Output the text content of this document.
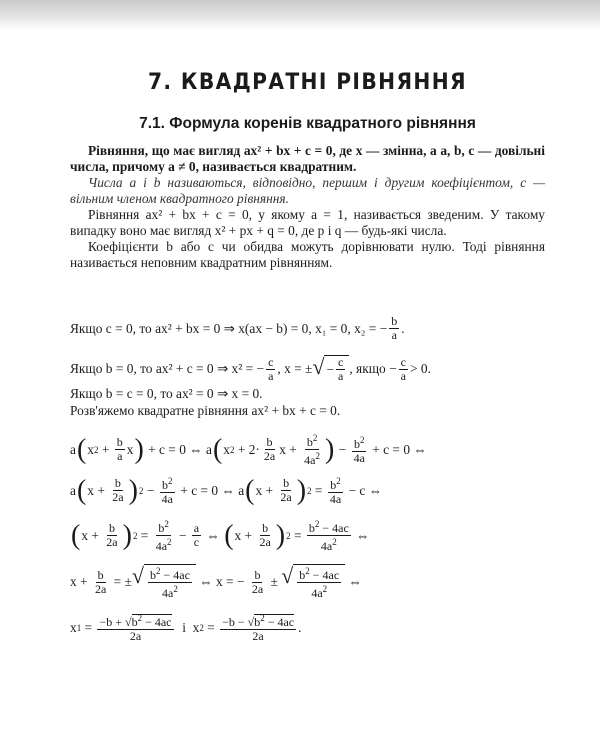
7. КВАДРАТНІ РІВНЯННЯ
7.1. Формула коренів квадратного рівняння

Рівняння, що має вигляд ax² + bx + c = 0, де x — змінна, а a, b, c — довільні числа, причому a ≠ 0, називається квадратним.

Числа a і b називаються, відповідно, першим і другим коефіцієнтом, c — вільним членом квадратного рівняння.

Рівняння ax² + bx + c = 0, у якому a = 1, називається зведеним. У такому випадку воно має вигляд x² + px + q = 0, де p і q — будь-які числа.

Коефіцієнти b або c чи обидва можуть дорівнювати нулю. Тоді рівняння називається неповним квадратним рівнянням.

Якщо c = 0, то ax² + bx = 0 ⇒ x(ax − b) = 0, x₁ = 0, x₂ = − $\frac{b}{a}$ .
Якщо b = 0, то ax² + c = 0 ⇒ x² = − $\frac{c}{a}$ , x = ± √ − $\frac{c}{a}$ , якщо − $\frac{c}{a} > 0$.
Якщо b = c = 0, то ax² = 0 ⇒ x = 0.
Розв'яжемо квадратне рівняння ax² + bx + c = 0.
a ( x $2 + \frac{b}{a}$ x ) + c = 0 ⇔ a ( x $2 + 2\cdot \frac{b}{2a}$ $x + \frac{b^2}{4a^2}$ ) − $\frac{b^2}{4a} + c = 0$ ⇔
a ( $x + \frac{b}{2a}$ ) $2 - \frac{b^2}{4a} + c = 0$ ⇔ a ( $x + \frac{b}{2a}$ ) $2 = \frac{b^2}{4a} - c$ ⇔
( $x + \frac{b}{2a}$ ) $2 = \frac{b^2}{4a^2} - \frac{a}{c}$ ⇔ ( $x + \frac{b}{2a}$ ) $2 = \frac{b^2 - 4ac}{4a^2}$ ⇔
$x + \frac{b}{2a}$ = ± √ $\frac{b^2 - 4ac}{4a^2}$ ⇔ x = − $\frac{b}{2a}$ ± √ $\frac{b^2 - 4ac}{4a^2}$ ⇔
x $1 = \frac{-b + √b^2 - 4ac}{2a}$ і  x $2 = \frac{-b - √b^2 - 4ac}{2a}$ .
